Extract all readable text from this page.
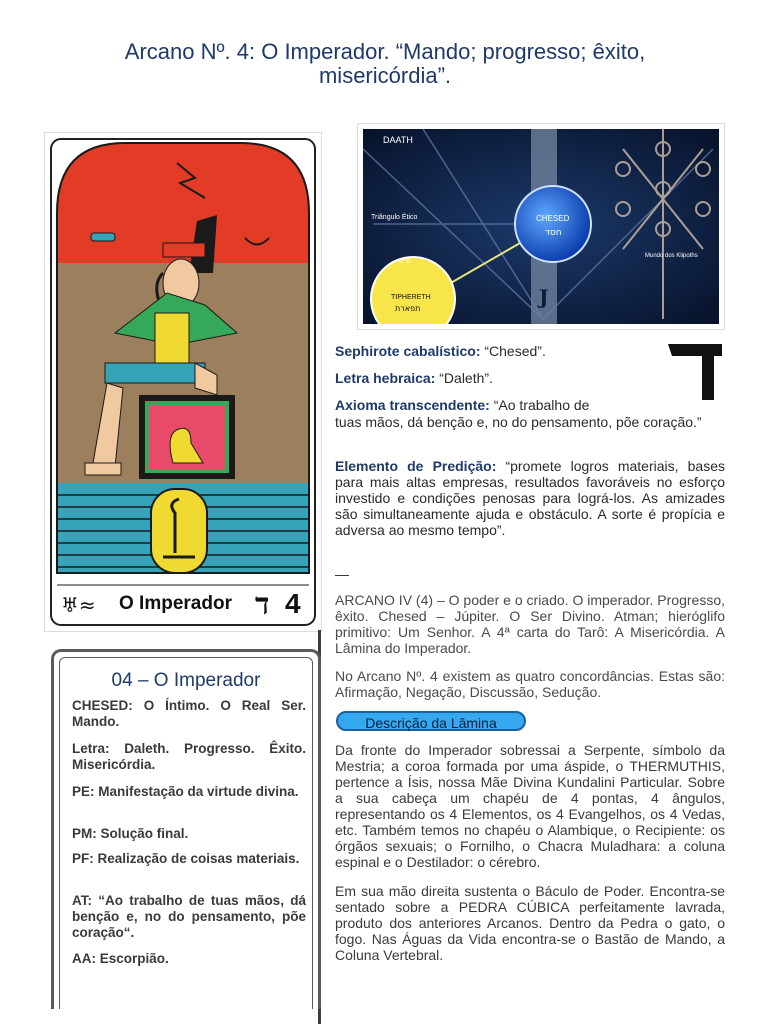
Arcano Nº. 4: O Imperador. “Mando; progresso; êxito,
misericórdia”.
♅≈ O Imperador ד 4
DAATH
Triângulo Ético	CHESED
חסד
TIPHERETH
תפארת
6º D
Mundo dos Klipoths
J
Sephirote cabalístico: “Chesed”.
Letra hebraica: “Daleth”.
Axioma transcendente: “Ao trabalho de
tuas mãos, dá benção e, no do pensamento, põe coração.”
Elemento de Predição: “promete logros materiais, bases para mais altas empresas, resultados favoráveis no esforço investido e condições penosas para lográ-los. As amizades são simultaneamente ajuda e obstáculo. A sorte é propícia e adversa ao mesmo tempo”.
—
ARCANO IV (4) – O poder e o criado. O imperador. Progresso, êxito. Chesed – Júpiter. O Ser Divino. Atman; hieróglifo primitivo: Um Senhor. A 4ª carta do Tarô: A Misericórdia. A Lâmina do Imperador.
No Arcano Nº. 4 existem as quatro concordâncias. Estas são: Afirmação, Negação, Discussão, Sedução.
Descrição da Lâmina
Da fronte do Imperador sobressai a Serpente, símbolo da Mestria; a coroa formada por uma áspide, o THERMUTHIS, pertence a Ísis, nossa Mãe Divina Kundalini Particular. Sobre a sua cabeça um chapéu de 4 pontas, 4 ângulos, representando os 4 Elementos, os 4 Evangelhos, os 4 Vedas, etc. Também temos no chapéu o Alambique, o Recipiente: os órgãos sexuais; o Fornilho, o Chacra Muladhara: a coluna espinal e o Destilador: o cérebro.
Em sua mão direita sustenta o Báculo de Poder. Encontra-se sentado sobre a PEDRA CÚBICA perfeitamente lavrada, produto dos anteriores Arcanos. Dentro da Pedra o gato, o fogo. Nas Águas da Vida encontra-se o Bastão de Mando, a Coluna Vertebral.
04 – O Imperador
CHESED: O Íntimo. O Real Ser. Mando.
Letra: Daleth. Progresso. Êxito. Misericórdia.
PE: Manifestação da virtude divina.
PM: Solução final.
PF: Realização de coisas materiais.
AT: “Ao trabalho de tuas mãos, dá benção e, no do pensamento, põe coração“.
AA: Escorpião.
